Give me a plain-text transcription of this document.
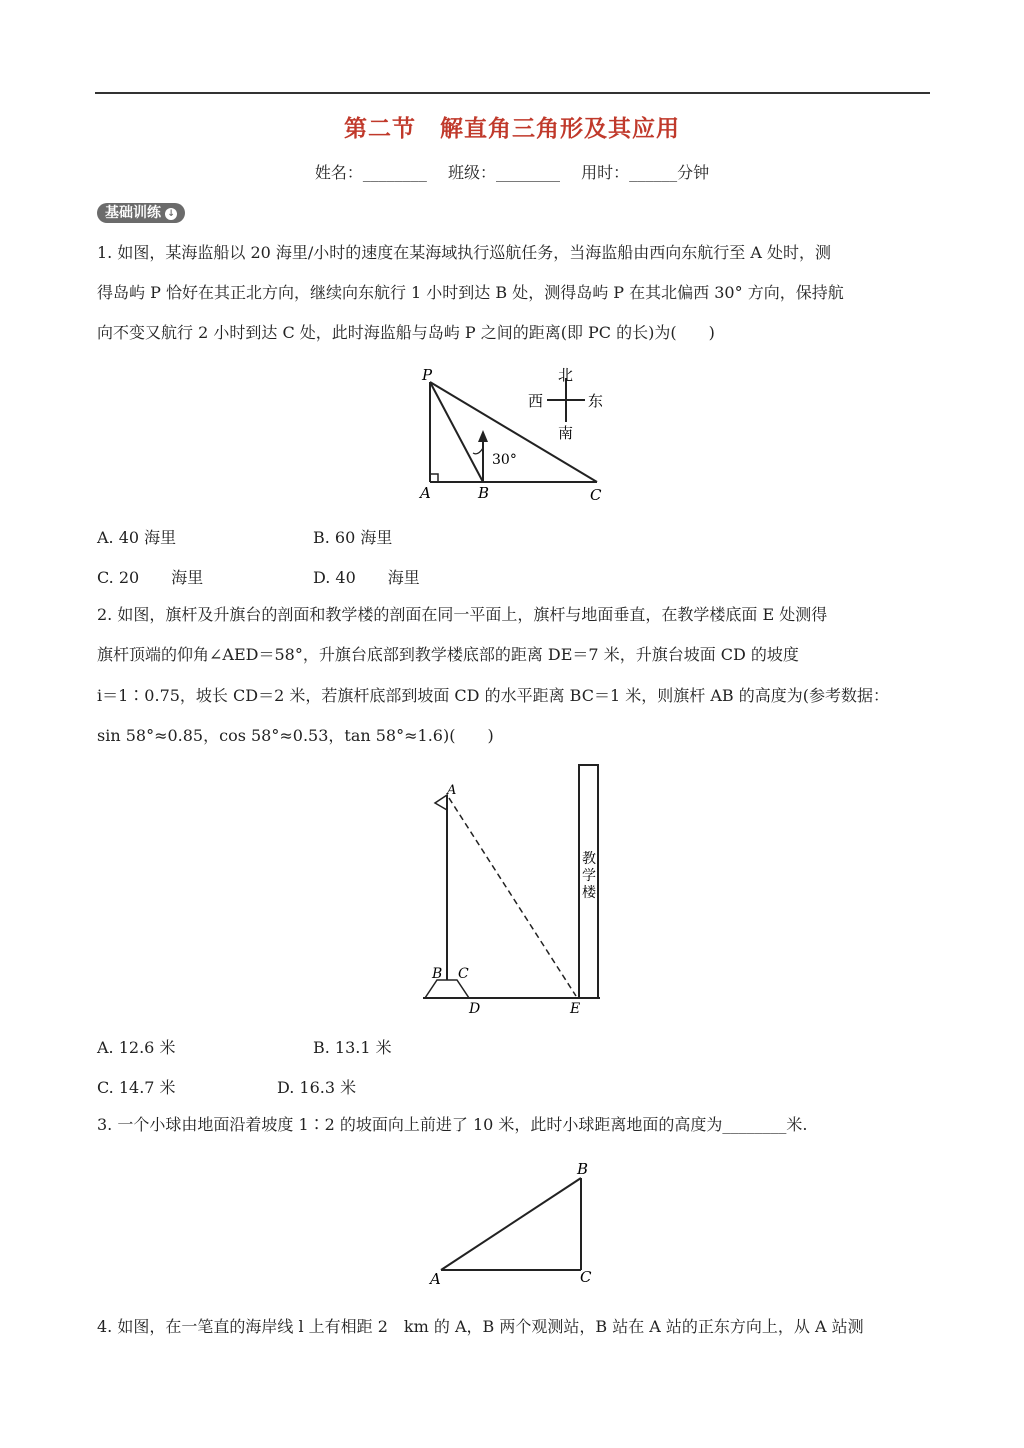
第二节　解直角三角形及其应用
姓名：________ 班级：________ 用时：______分钟
基础训练 ↓
1. 如图，某海监船以 20 海里/小时的速度在某海域执行巡航任务，当海监船由西向东航行至 A 处时，测
得岛屿 P 恰好在其正北方向，继续向东航行 1 小时到达 B 处，测得岛屿 P 在其北偏西 30° 方向，保持航
向不变又航行 2 小时到达 C 处，此时海监船与岛屿 P 之间的距离(即 PC 的长)为(　　)
P
A	B	C
30°
北
南
西	东
A. 40 海里	B. 60 海里
C. 20　　海里	D. 40　　海里
2. 如图，旗杆及升旗台的剖面和教学楼的剖面在同一平面上，旗杆与地面垂直，在教学楼底面 E 处测得
旗杆顶端的仰角∠AED＝58°，升旗台底部到教学楼底部的距离 DE＝7 米，升旗台坡面 CD 的坡度
i＝1∶0.75，坡长 CD＝2 米，若旗杆底部到坡面 CD 的水平距离 BC＝1 米，则旗杆 AB 的高度为(参考数据：
sin 58°≈0.85，cos 58°≈0.53，tan 58°≈1.6)(　　)
A
B C
D	E
教
学
楼
A. 12.6 米	B. 13.1 米
C. 14.7 米	D. 16.3 米
3. 一个小球由地面沿着坡度 1∶2 的坡面向上前进了 10 米，此时小球距离地面的高度为________米.
A
B
C
4. 如图，在一笔直的海岸线 l 上有相距 2　km 的 A，B 两个观测站，B 站在 A 站的正东方向上，从 A 站测
